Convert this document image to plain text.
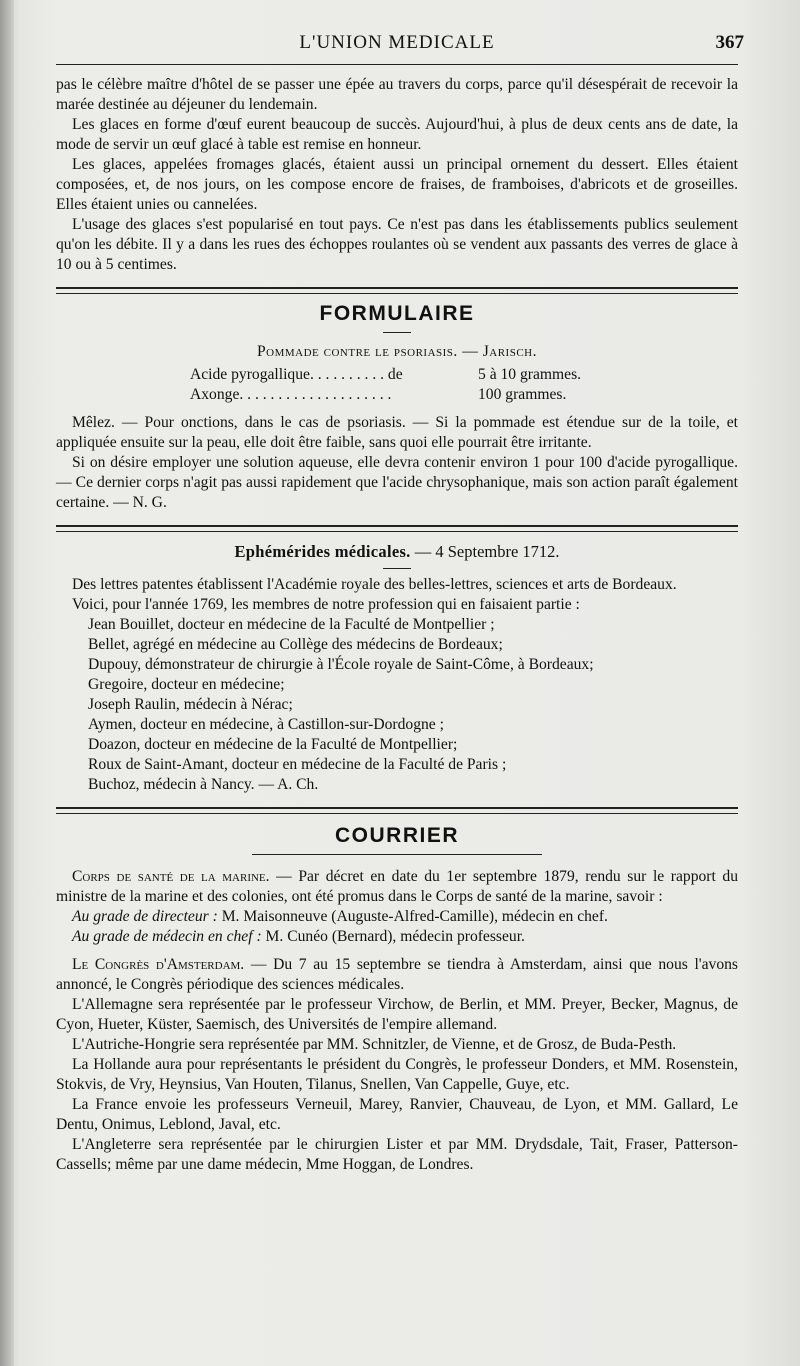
L'UNION MEDICALE	367

pas le célèbre maître d'hôtel de se passer une épée au travers du corps, parce qu'il désespérait de recevoir la marée destinée au déjeuner du lendemain.

Les glaces en forme d'œuf eurent beaucoup de succès. Aujourd'hui, à plus de deux cents ans de date, la mode de servir un œuf glacé à table est remise en honneur.

Les glaces, appelées fromages glacés, étaient aussi un principal ornement du dessert. Elles étaient composées, et, de nos jours, on les compose encore de fraises, de framboises, d'abricots et de groseilles. Elles étaient unies ou cannelées.

L'usage des glaces s'est popularisé en tout pays. Ce n'est pas dans les établissements publics seulement qu'on les débite. Il y a dans les rues des échoppes roulantes où se vendent aux passants des verres de glace à 10 ou à 5 centimes.

FORMULAIRE
Pommade contre le psoriasis. — Jarisch.
Acide pyrogallique. . . . . . . . . . de	5 à 10 grammes.
Axonge. . . . . . . . . . . . . . . . . . . .	100 grammes.

Mêlez. — Pour onctions, dans le cas de psoriasis. — Si la pommade est étendue sur de la toile, et appliquée ensuite sur la peau, elle doit être faible, sans quoi elle pourrait être irritante.

Si on désire employer une solution aqueuse, elle devra contenir environ 1 pour 100 d'acide pyrogallique. — Ce dernier corps n'agit pas aussi rapidement que l'acide chrysophanique, mais son action paraît également certaine. — N. G.

Ephémérides médicales. — 4 Septembre 1712.

Des lettres patentes établissent l'Académie royale des belles-lettres, sciences et arts de Bordeaux.

Voici, pour l'année 1769, les membres de notre profession qui en faisaient partie :

Jean Bouillet, docteur en médecine de la Faculté de Montpellier ;

Bellet, agrégé en médecine au Collège des médecins de Bordeaux;

Dupouy, démonstrateur de chirurgie à l'École royale de Saint-Côme, à Bordeaux;

Gregoire, docteur en médecine;

Joseph Raulin, médecin à Nérac;

Aymen, docteur en médecine, à Castillon-sur-Dordogne ;

Doazon, docteur en médecine de la Faculté de Montpellier;

Roux de Saint-Amant, docteur en médecine de la Faculté de Paris ;

Buchoz, médecin à Nancy. — A. Ch.

COURRIER

Corps de santé de la marine. — Par décret en date du 1er septembre 1879, rendu sur le rapport du ministre de la marine et des colonies, ont été promus dans le Corps de santé de la marine, savoir :

Au grade de directeur : M. Maisonneuve (Auguste-Alfred-Camille), médecin en chef.

Au grade de médecin en chef : M. Cunéo (Bernard), médecin professeur.

Le Congrès d'Amsterdam. — Du 7 au 15 septembre se tiendra à Amsterdam, ainsi que nous l'avons annoncé, le Congrès périodique des sciences médicales.

L'Allemagne sera représentée par le professeur Virchow, de Berlin, et MM. Preyer, Becker, Magnus, de Cyon, Hueter, Küster, Saemisch, des Universités de l'empire allemand.

L'Autriche-Hongrie sera représentée par MM. Schnitzler, de Vienne, et de Grosz, de Buda-Pesth.

La Hollande aura pour représentants le président du Congrès, le professeur Donders, et MM. Rosenstein, Stokvis, de Vry, Heynsius, Van Houten, Tilanus, Snellen, Van Cappelle, Guye, etc.

La France envoie les professeurs Verneuil, Marey, Ranvier, Chauveau, de Lyon, et MM. Gallard, Le Dentu, Onimus, Leblond, Javal, etc.

L'Angleterre sera représentée par le chirurgien Lister et par MM. Drydsdale, Tait, Fraser, Patterson-Cassells; même par une dame médecin, Mme Hoggan, de Londres.
